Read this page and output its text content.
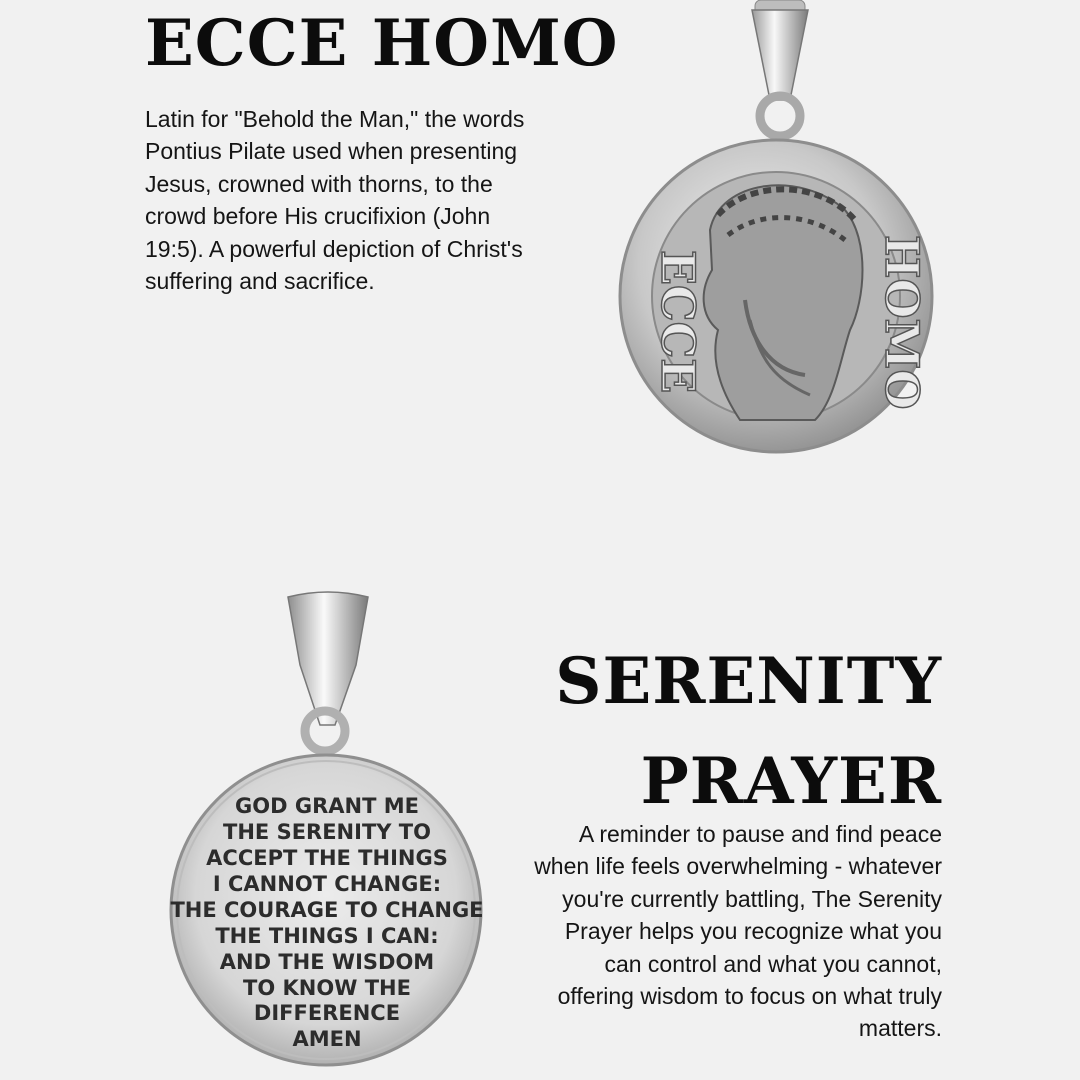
ECCE HOMO

Latin for "Behold the Man," the words Pontius Pilate used when presenting Jesus, crowned with thorns, to the crowd before His crucifixion (John 19:5). A powerful depiction of Christ's suffering and sacrifice.	ECCE	HOMO
SERENITY
PRAYER

A reminder to pause and find peace when life feels overwhelming - whatever you're currently battling, The Serenity Prayer helps you recognize what you can control and what you cannot, offering wisdom to focus on what truly matters.

GOD GRANT ME
THE SERENITY TO
ACCEPT THE THINGS
I CANNOT CHANGE:
THE COURAGE TO CHANGE
THE THINGS I CAN:
AND THE WISDOM
TO KNOW THE
DIFFERENCE
AMEN
